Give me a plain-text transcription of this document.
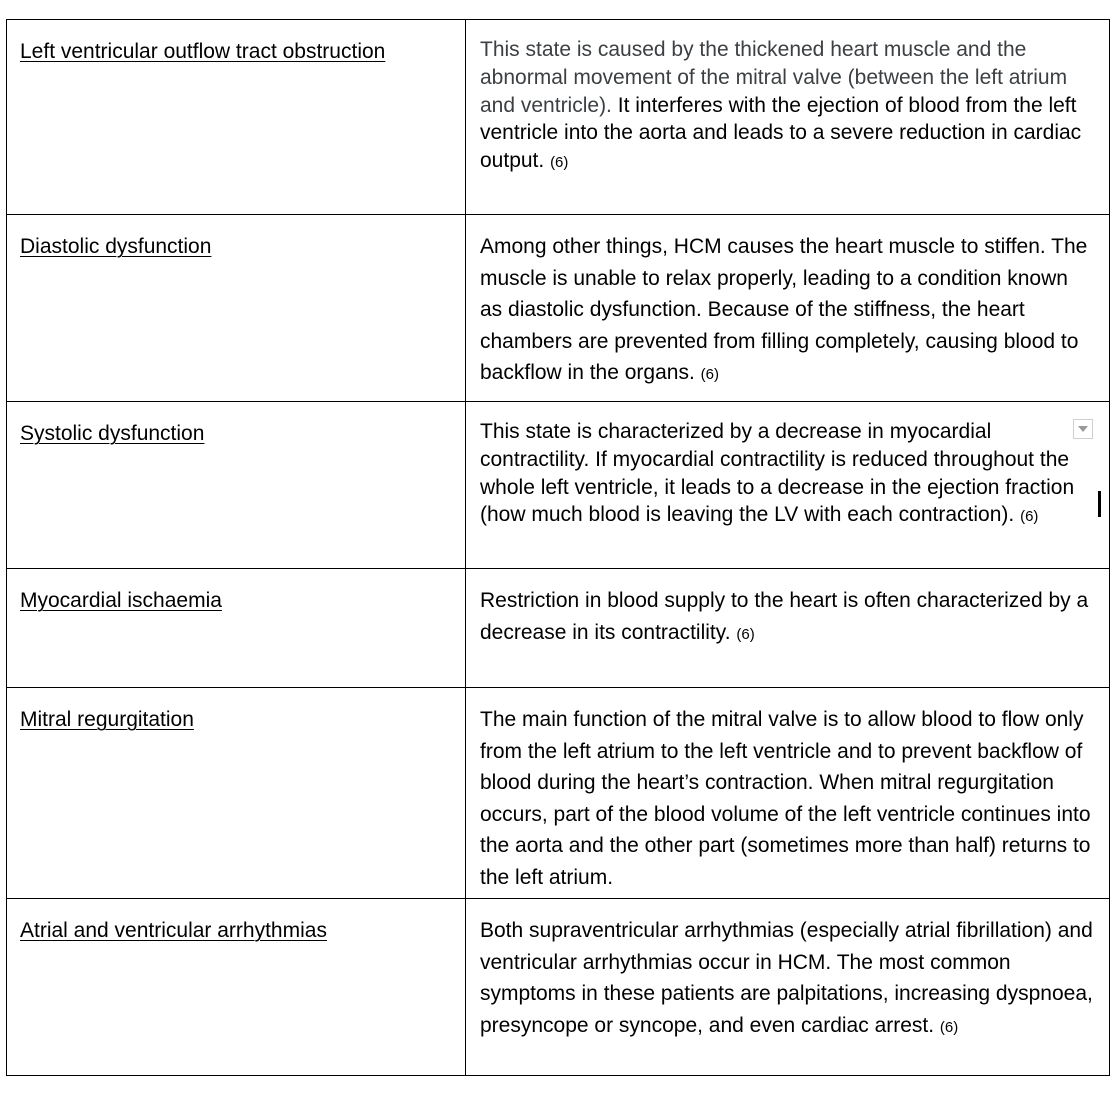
Left ventricular outflow tract obstruction	This state is caused by the thickened heart muscle and the abnormal movement of the mitral valve (between the left atrium and ventricle). It interferes with the ejection of blood from the left ventricle into the aorta and leads to a severe reduction in cardiac output. (6)

Diastolic dysfunction	Among other things, HCM causes the heart muscle to stiffen. The muscle is unable to relax properly, leading to a condition known as diastolic dysfunction. Because of the stiffness, the heart chambers are prevented from filling completely, causing blood to backflow in the organs. (6)

Systolic dysfunction	This state is characterized by a decrease in myocardial contractility. If myocardial contractility is reduced throughout the whole left ventricle, it leads to a decrease in the ejection fraction (how much blood is leaving the LV with each contraction). (6)

Myocardial ischaemia	Restriction in blood supply to the heart is often characterized by a decrease in its contractility. (6)

Mitral regurgitation	The main function of the mitral valve is to allow blood to flow only from the left atrium to the left ventricle and to prevent backflow of blood during the heart’s contraction. When mitral regurgitation occurs, part of the blood volume of the left ventricle continues into the aorta and the other part (sometimes more than half) returns to the left atrium.

Atrial and ventricular arrhythmias	Both supraventricular arrhythmias (especially atrial fibrillation) and ventricular arrhythmias occur in HCM. The most common symptoms in these patients are palpitations, increasing dyspnoea, presyncope or syncope, and even cardiac arrest. (6)
